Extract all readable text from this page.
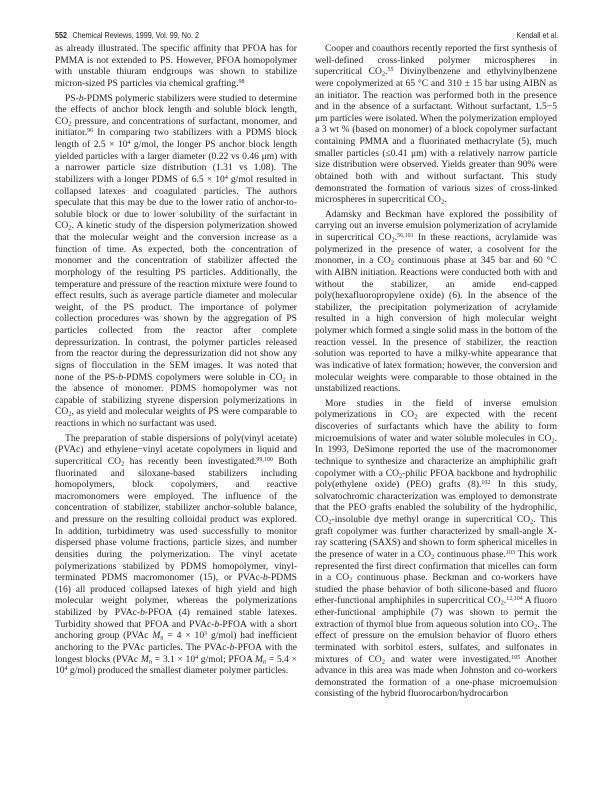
552 Chemical Reviews, 1999, Vol. 99, No. 2	Kendall et al.

as already illustrated. The specific affinity that PFOA has for PMMA is not extended to PS. However, PFOA homopolymer with unstable thiuram endgroups was shown to stabilize micron-sized PS particles via chemical grafting.$^{98}$

PS-b-PDMS polymeric stabilizers were studied to determine the effects of anchor block length and soluble block length, $CO_2$ pressure, and concentrations of surfactant, monomer, and initiator.$^{96}$ In comparing two stabilizers with a PDMS block length of $2.5 \times 10^4$ g/mol, the longer PS anchor block length yielded particles with a larger diameter (0.22 vs 0.46 μm) with a narrower particle size distribution (1.31 vs 1.08). The stabilizers with a longer PDMS of $6.5 \times 10^4$ g/mol resulted in collapsed latexes and coagulated particles. The authors speculate that this may be due to the lower ratio of anchor-to-soluble block or due to lower solubility of the surfactant in $CO_2$. A kinetic study of the dispersion polymerization showed that the molecular weight and the conversion increase as a function of time. As expected, both the concentration of monomer and the concentration of stabilizer affected the morphology of the resulting PS particles. Additionally, the temperature and pressure of the reaction mixture were found to effect results, such as average particle diameter and molecular weight, of the PS product. The importance of polymer collection procedures was shown by the aggregation of PS particles collected from the reactor after complete depressurization. In contrast, the polymer particles released from the reactor during the depressurization did not show any signs of flocculation in the SEM images. It was noted that none of the PS-b-PDMS copolymers were soluble in $CO_2$ in the absence of monomer. PDMS homopolymer was not capable of stabilizing styrene dispersion polymerizations in $CO_2$, as yield and molecular weights of PS were comparable to reactions in which no surfactant was used.

The preparation of stable dispersions of poly(vinyl acetate) (PVAc) and ethylene−vinyl acetate copolymers in liquid and supercritical $CO_2$ has recently been investigated.$^{99,100}$ Both fluorinated and siloxane-based stabilizers including homopolymers, block copolymers, and reactive macromonomers were employed. The influence of the concentration of stabilizer, stabilizer anchor-soluble balance, and pressure on the resulting colloidal product was explored. In addition, turbidimetry was used successfully to monitor dispersed phase volume fractions, particle sizes, and number densities during the polymerization. The vinyl acetate polymerizations stabilized by PDMS homopolymer, vinyl-terminated PDMS macromonomer (15), or PVAc-b-PDMS (16) all produced collapsed latexes of high yield and high molecular weight polymer, whereas the polymerizations stabilized by PVAc-b-PFOA (4) remained stable latexes. Turbidity showed that PFOA and PVAc-b-PFOA with a short anchoring group (PVAc $M_n = 4 \times 10^3$ g/mol) had inefficient anchoring to the PVAc particles. The PVAc-b-PFOA with the longest blocks (PVAc $M_n = 3.1 \times 10^4$ g/mol; PFOA $M_n = 5.4 \times 10^4$ g/mol) produced the smallest diameter polymer particles.

Cooper and coauthors recently reported the first synthesis of well-defined cross-linked polymer microspheres in supercritical $CO_2.^{55}$ Divinylbenzene and ethylvinylbenzene were copolymerized at 65 °C and 310 ± 15 bar using AIBN as an initiator. The reaction was performed both in the presence and in the absence of a surfactant. Without surfactant, 1.5−5 μm particles were isolated. When the polymerization employed a 3 wt % (based on monomer) of a block copolymer surfactant containing PMMA and a fluorinated methacrylate (5), much smaller particles (≤0.41 μm) with a relatively narrow particle size distribution were observed. Yields greater than 90% were obtained both with and without surfactant. This study demonstrated the formation of various sizes of cross-linked microspheres in supercritical $CO_2$.

Adamsky and Beckman have explored the possibility of carrying out an inverse emulsion polymerization of acrylamide in supercritical $CO_2.^{56,101}$ In these reactions, acrylamide was polymerized in the presence of water, a cosolvent for the monomer, in a $CO_2$ continuous phase at 345 bar and 60 °C with AIBN initiation. Reactions were conducted both with and without the stabilizer, an amide end-capped poly(hexafluoropropylene oxide) (6). In the absence of the stabilizer, the precipitation polymerization of acrylamide resulted in a high conversion of high molecular weight polymer which formed a single solid mass in the bottom of the reaction vessel. In the presence of stabilizer, the reaction solution was reported to have a milky-white appearance that was indicative of latex formation; however, the conversion and molecular weights were comparable to those obtained in the unstabilized reactions.

More studies in the field of inverse emulsion polymerizations in $CO_2$ are expected with the recent discoveries of surfactants which have the ability to form microemulsions of water and water soluble molecules in $CO_2$. In 1993, DeSimone reported the use of the macromonomer technique to synthesize and characterize an amphiphilic graft copolymer with a $CO_2$-philic PFOA backbone and hydrophilic poly(ethylene oxide) (PEO) grafts (8).$^{102}$ In this study, solvatochromic characterization was employed to demonstrate that the PEO grafts enabled the solubility of the hydrophilic, $CO_2$-insoluble dye methyl orange in supercritical $CO_2$. This graft copolymer was further characterized by small-angle X-ray scattering (SAXS) and shown to form spherical micelles in the presence of water in a $CO_2$ continuous phase.$^{103}$ This work represented the first direct confirmation that micelles can form in a $CO_2$ continuous phase. Beckman and co-workers have studied the phase behavior of both silicone-based and fluoro ether-functional amphiphiles in supercritical $CO_2.^{12,104}$ A fluoro ether-functional amphiphile (7) was shown to permit the extraction of thymol blue from aqueous solution into $CO_2$. The effect of pressure on the emulsion behavior of fluoro ethers terminated with sorbitol esters, sulfates, and sulfonates in mixtures of $CO_2$ and water were investigated.$^{105}$ Another advance in this area was made when Johnston and co-workers demonstrated the formation of a one-phase microemulsion consisting of the hybrid fluorocarbon/hydrocarbon
